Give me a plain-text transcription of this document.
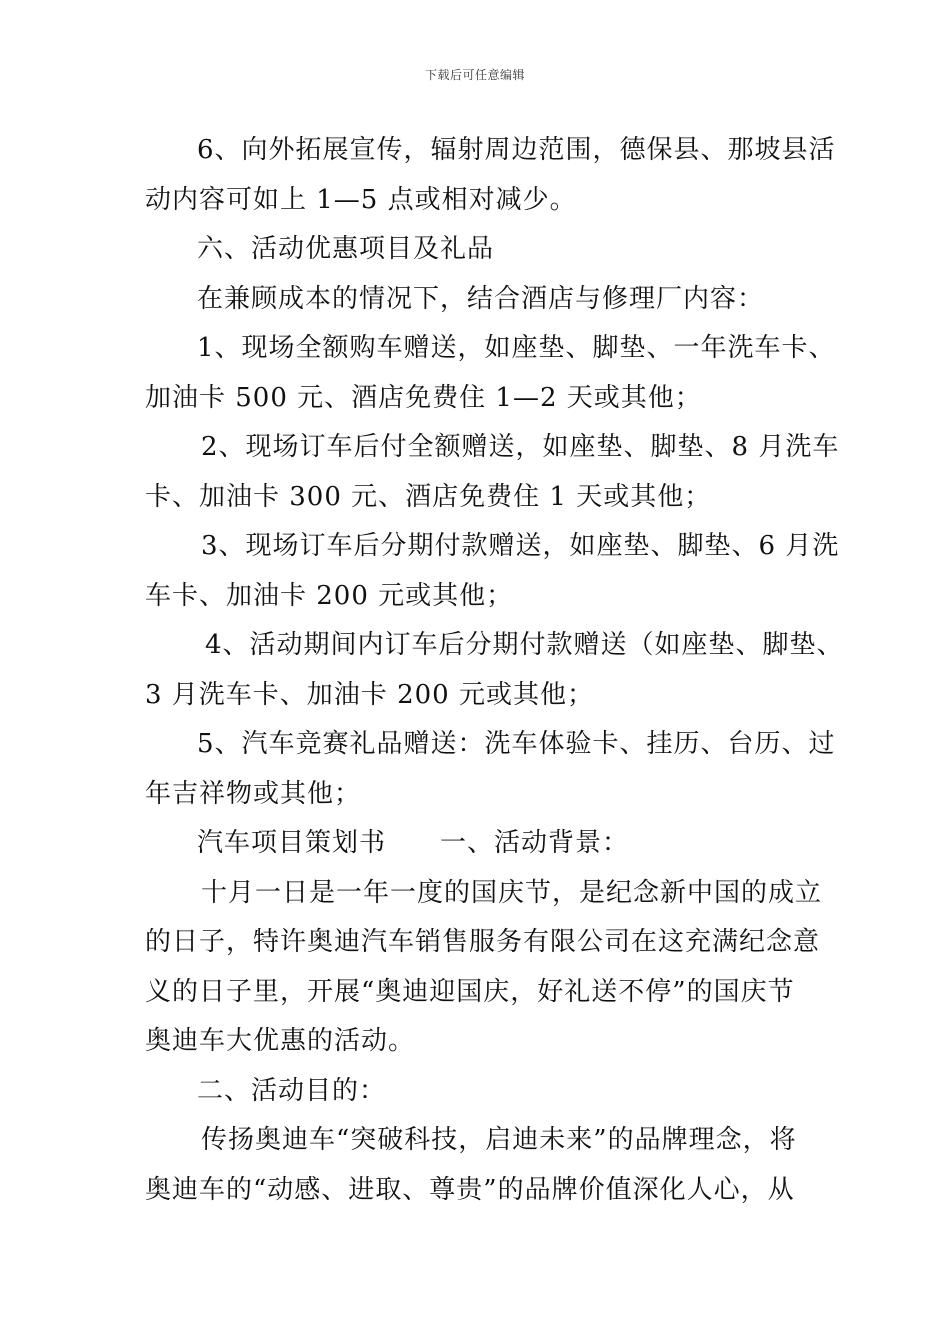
下载后可任意编辑
6、向外拓展宣传，辐射周边范围，德保县、那坡县活
动内容可如上 1—5 点或相对减少。
六、活动优惠项目及礼品
在兼顾成本的情况下，结合酒店与修理厂内容：
1、现场全额购车赠送，如座垫、脚垫、一年洗车卡、
加油卡 500 元、酒店免费住 1—2 天或其他；
2、现场订车后付全额赠送，如座垫、脚垫、8 月洗车
卡、加油卡 300 元、酒店免费住 1 天或其他；
3、现场订车后分期付款赠送，如座垫、脚垫、6 月洗
车卡、加油卡 200 元或其他；
4、活动期间内订车后分期付款赠送（如座垫、脚垫、
3 月洗车卡、加油卡 200 元或其他；
5、汽车竞赛礼品赠送：洗车体验卡、挂历、台历、过
年吉祥物或其他；
汽车项目策划书　　一、活动背景：
十月一日是一年一度的国庆节，是纪念新中国的成立
的日子，特许奥迪汽车销售服务有限公司在这充满纪念意
义的日子里，开展“奥迪迎国庆，好礼送不停”的国庆节
奥迪车大优惠的活动。
二、活动目的：
传扬奥迪车“突破科技，启迪未来”的品牌理念，将
奥迪车的“动感、进取、尊贵”的品牌价值深化人心，从
